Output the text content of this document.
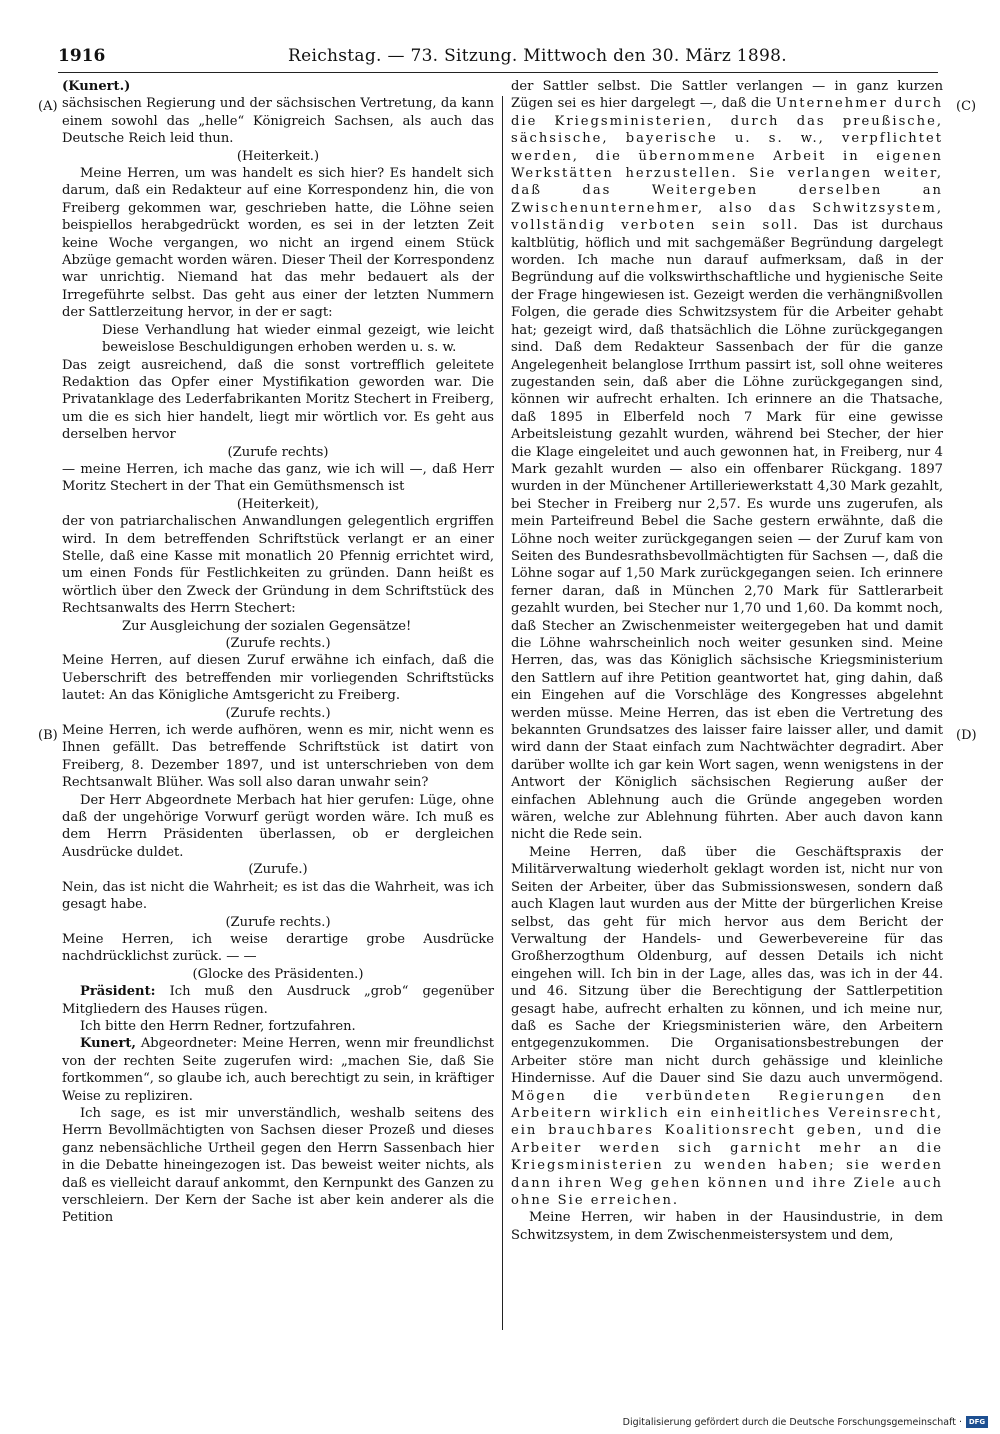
1916	Reichstag. — 73. Sitzung. Mittwoch den 30. März 1898.
(A)
(B)
(C)
(D)

(Kunert.)

sächsischen Regierung und der sächsischen Vertretung, da kann einem sowohl das „helle“ Königreich Sachsen, als auch das Deutsche Reich leid thun.

(Heiterkeit.)

Meine Herren, um was handelt es sich hier? Es handelt sich darum, daß ein Redakteur auf eine Korrespondenz hin, die von Freiberg gekommen war, geschrieben hatte, die Löhne seien beispiellos herabgedrückt worden, es sei in der letzten Zeit keine Woche vergangen, wo nicht an irgend einem Stück Abzüge gemacht worden wären. Dieser Theil der Korrespondenz war unrichtig. Niemand hat das mehr bedauert als der Irregeführte selbst. Das geht aus einer der letzten Nummern der Sattlerzeitung hervor, in der er sagt:

Diese Verhandlung hat wieder einmal gezeigt, wie leicht beweislose Beschuldigungen erhoben werden u. s. w.

Das zeigt ausreichend, daß die sonst vortrefflich geleitete Redaktion das Opfer einer Mystifikation geworden war. Die Privatanklage des Lederfabrikanten Moritz Stechert in Freiberg, um die es sich hier handelt, liegt mir wörtlich vor. Es geht aus derselben hervor

(Zurufe rechts)

— meine Herren, ich mache das ganz, wie ich will —, daß Herr Moritz Stechert in der That ein Gemüthsmensch ist

(Heiterkeit),

der von patriarchalischen Anwandlungen gelegentlich ergriffen wird. In dem betreffenden Schriftstück verlangt er an einer Stelle, daß eine Kasse mit monatlich 20 Pfennig errichtet wird, um einen Fonds für Festlichkeiten zu gründen. Dann heißt es wörtlich über den Zweck der Gründung in dem Schriftstück des Rechtsanwalts des Herrn Stechert:

Zur Ausgleichung der sozialen Gegensätze!

(Zurufe rechts.)

Meine Herren, auf diesen Zuruf erwähne ich einfach, daß die Ueberschrift des betreffenden mir vorliegenden Schriftstücks lautet: An das Königliche Amtsgericht zu Freiberg.

(Zurufe rechts.)

Meine Herren, ich werde aufhören, wenn es mir, nicht wenn es Ihnen gefällt. Das betreffende Schriftstück ist datirt von Freiberg, 8. Dezember 1897, und ist unterschrieben von dem Rechtsanwalt Blüher. Was soll also daran unwahr sein?

Der Herr Abgeordnete Merbach hat hier gerufen: Lüge, ohne daß der ungehörige Vorwurf gerügt worden wäre. Ich muß es dem Herrn Präsidenten überlassen, ob er dergleichen Ausdrücke duldet.

(Zurufe.)

Nein, das ist nicht die Wahrheit; es ist das die Wahrheit, was ich gesagt habe.

(Zurufe rechts.)

Meine Herren, ich weise derartige grobe Ausdrücke nachdrücklichst zurück. — —

(Glocke des Präsidenten.)

Präsident: Ich muß den Ausdruck „grob“ gegenüber Mitgliedern des Hauses rügen.

Ich bitte den Herrn Redner, fortzufahren.

Kunert, Abgeordneter: Meine Herren, wenn mir freundlichst von der rechten Seite zugerufen wird: „machen Sie, daß Sie fortkommen“, so glaube ich, auch berechtigt zu sein, in kräftiger Weise zu repliziren.

Ich sage, es ist mir unverständlich, weshalb seitens des Herrn Bevollmächtigten von Sachsen dieser Prozeß und dieses ganz nebensächliche Urtheil gegen den Herrn Sassenbach hier in die Debatte hineingezogen ist. Das beweist weiter nichts, als daß es vielleicht darauf ankommt, den Kernpunkt des Ganzen zu verschleiern. Der Kern der Sache ist aber kein anderer als die Petition

der Sattler selbst. Die Sattler verlangen — in ganz kurzen Zügen sei es hier dargelegt —, daß die Unternehmer durch die Kriegsministerien, durch das preußische, sächsische, bayerische u. s. w., verpflichtet werden, die übernommene Arbeit in eigenen Werkstätten herzustellen. Sie verlangen weiter, daß das Weitergeben derselben an Zwischenunternehmer, also das Schwitzsystem, vollständig verboten sein soll. Das ist durchaus kaltblütig, höflich und mit sachgemäßer Begründung dargelegt worden. Ich mache nun darauf aufmerksam, daß in der Begründung auf die volkswirthschaftliche und hygienische Seite der Frage hingewiesen ist. Gezeigt werden die verhängnißvollen Folgen, die gerade dies Schwitzsystem für die Arbeiter gehabt hat; gezeigt wird, daß thatsächlich die Löhne zurückgegangen sind. Daß dem Redakteur Sassenbach der für die ganze Angelegenheit belanglose Irrthum passirt ist, soll ohne weiteres zugestanden sein, daß aber die Löhne zurückgegangen sind, können wir aufrecht erhalten. Ich erinnere an die Thatsache, daß 1895 in Elberfeld noch 7 Mark für eine gewisse Arbeitsleistung gezahlt wurden, während bei Stecher, der hier die Klage eingeleitet und auch gewonnen hat, in Freiberg, nur 4 Mark gezahlt wurden — also ein offenbarer Rückgang. 1897 wurden in der Münchener Artilleriewerkstatt 4,30 Mark gezahlt, bei Stecher in Freiberg nur 2,57. Es wurde uns zugerufen, als mein Parteifreund Bebel die Sache gestern erwähnte, daß die Löhne noch weiter zurückgegangen seien — der Zuruf kam von Seiten des Bundesrathsbevollmächtigten für Sachsen —, daß die Löhne sogar auf 1,50 Mark zurückgegangen seien. Ich erinnere ferner daran, daß in München 2,70 Mark für Sattlerarbeit gezahlt wurden, bei Stecher nur 1,70 und 1,60. Da kommt noch, daß Stecher an Zwischenmeister weitergegeben hat und damit die Löhne wahrscheinlich noch weiter gesunken sind. Meine Herren, das, was das Königlich sächsische Kriegsministerium den Sattlern auf ihre Petition geantwortet hat, ging dahin, daß ein Eingehen auf die Vorschläge des Kongresses abgelehnt werden müsse. Meine Herren, das ist eben die Vertretung des bekannten Grundsatzes des laisser faire laisser aller, und damit wird dann der Staat einfach zum Nachtwächter degradirt. Aber darüber wollte ich gar kein Wort sagen, wenn wenigstens in der Antwort der Königlich sächsischen Regierung außer der einfachen Ablehnung auch die Gründe angegeben worden wären, welche zur Ablehnung führten. Aber auch davon kann nicht die Rede sein.

Meine Herren, daß über die Geschäftspraxis der Militärverwaltung wiederholt geklagt worden ist, nicht nur von Seiten der Arbeiter, über das Submissionswesen, sondern daß auch Klagen laut wurden aus der Mitte der bürgerlichen Kreise selbst, das geht für mich hervor aus dem Bericht der Verwaltung der Handels- und Gewerbevereine für das Großherzogthum Oldenburg, auf dessen Details ich nicht eingehen will. Ich bin in der Lage, alles das, was ich in der 44. und 46. Sitzung über die Berechtigung der Sattlerpetition gesagt habe, aufrecht erhalten zu können, und ich meine nur, daß es Sache der Kriegsministerien wäre, den Arbeitern entgegenzukommen. Die Organisationsbestrebungen der Arbeiter störe man nicht durch gehässige und kleinliche Hindernisse. Auf die Dauer sind Sie dazu auch unvermögend. Mögen die verbündeten Regierungen den Arbeitern wirklich ein einheitliches Vereinsrecht, ein brauchbares Koalitionsrecht geben, und die Arbeiter werden sich garnicht mehr an die Kriegsministerien zu wenden haben; sie werden dann ihren Weg gehen können und ihre Ziele auch ohne Sie erreichen.

Meine Herren, wir haben in der Hausindustrie, in dem Schwitzsystem, in dem Zwischenmeistersystem und dem,

Digitalisierung gefördert durch die Deutsche Forschungsgemeinschaft · DFG
